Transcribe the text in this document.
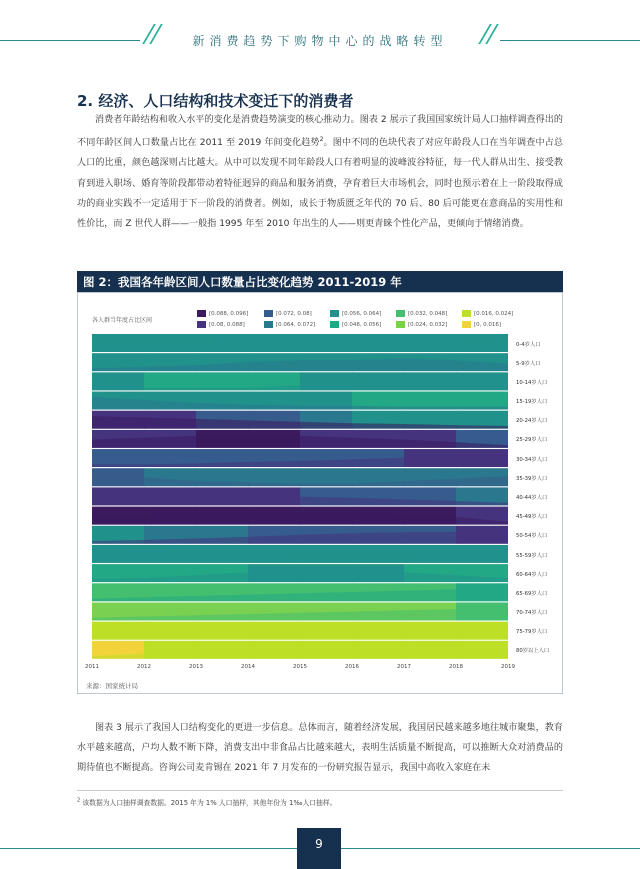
新消费趋势下购物中心的战略转型
2. 经济、人口结构和技术变迁下的消费者

消费者年龄结构和收入水平的变化是消费趋势演变的核心推动力。图表 2 展示了我国国家统计局人口抽样调查得出的不同年龄区间人口数量占比在 2011 至 2019 年间变化趋势$^2$。图中不同的色块代表了对应年龄段人口在当年调查中占总人口的比重，颜色越深则占比越大。从中可以发现不同年龄段人口有着明显的波峰波谷特征，每一代人群从出生、接受教育到进入职场、婚育等阶段都带动着特征迥异的商品和服务消费，孕育着巨大市场机会，同时也预示着在上一阶段取得成功的商业实践不一定适用于下一阶段的消费者。例如，成长于物质匮乏年代的 70 后、80 后可能更在意商品的实用性和性价比，而 Z 世代人群——一般指 1995 年至 2010 年出生的人——则更青睐个性化产品，更倾向于情绪消费。

图 2：我国各年龄区间人口数量占比变化趋势 2011-2019 年
各人群当年度占比区间
[0.088, 0.096]
[0.08, 0.088]
[0.072, 0.08]
[0.064, 0.072]
[0.056, 0.064]
[0.048, 0.056]
[0.032, 0.048]
[0.024, 0.032]
[0.016, 0.024]
[0, 0.016]
0-4岁人口
5-9岁人口
10-14岁人口
15-19岁人口
20-24岁人口
25-29岁人口
30-34岁人口
35-39岁人口
40-44岁人口
45-49岁人口
50-54岁人口
55-59岁人口
60-64岁人口
65-69岁人口
70-74岁人口
75-79岁人口
80岁以上人口
2011	2012	2013	2014	2015	2016	2017	2018	2019
来源：国家统计局

图表 3 展示了我国人口结构变化的更进一步信息。总体而言，随着经济发展，我国居民越来越多地往城市聚集，教育水平越来越高，户均人数不断下降，消费支出中非食品占比越来越大，表明生活质量不断提高，可以推断大众对消费品的期待值也不断提高。咨询公司麦肯锡在 2021 年 7 月发布的一份研究报告显示，我国中高收入家庭在未

$^2$ 该数据为人口抽样调查数据。2015 年为 1% 人口抽样，其他年份为 1‰人口抽样。
9
